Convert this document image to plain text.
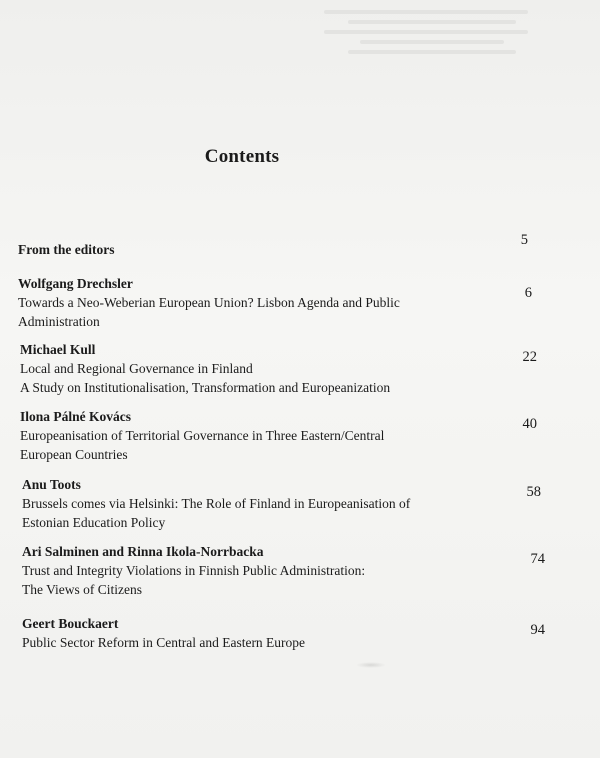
Contents
From the editors
5
Wolfgang Drechsler
Towards a Neo-Weberian European Union? Lisbon Agenda and Public
Administration
6
Michael Kull
Local and Regional Governance in Finland
A Study on Institutionalisation, Transformation and Europeanization
22
Ilona Pálné Kovács
Europeanisation of Territorial Governance in Three Eastern/Central
European Countries
40
Anu Toots
Brussels comes via Helsinki: The Role of Finland in Europeanisation of
Estonian Education Policy
58
Ari Salminen and Rinna Ikola-Norrbacka
Trust and Integrity Violations in Finnish Public Administration:
The Views of Citizens
74
Geert Bouckaert
Public Sector Reform in Central and Eastern Europe
94
